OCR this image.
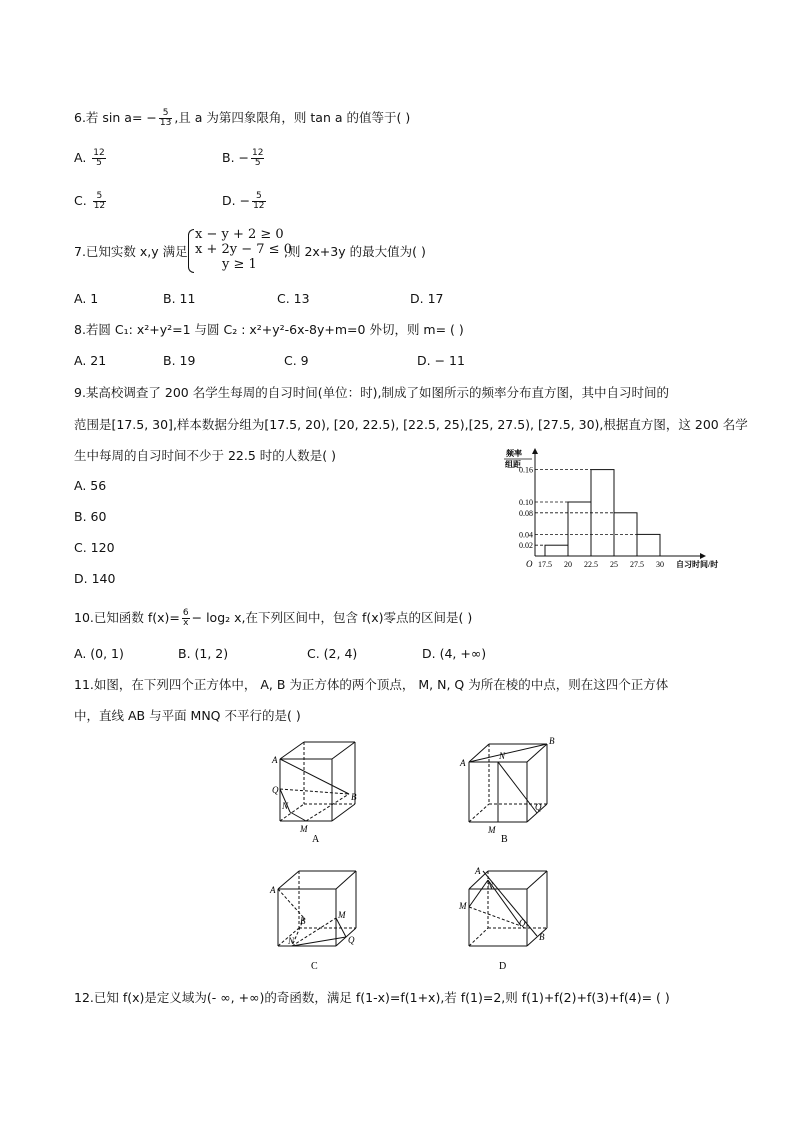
6.若 $\sin a= - \frac{5}{13}$ ,且 a 为第四象限角，则 tan a 的值等于( )
A. $\frac{12}{5}$	B. − $\frac{12}{5}$
C. $\frac{5}{12}$	D. − $\frac{5}{12}$
7.已知实数 x,y 满足
x − y + 2 ≥ 0
x + 2y − 7 ≤ 0
y ≥ 1
,则 2x+3y 的最大值为( )
A. 1	B. 11	C. 13	D. 17
8.若圆 C₁: x²+y²=1 与圆 C₂ : x²+y²-6x-8y+m=0 外切，则 m= ( )
A. 21	B. 19	C. 9	D. − 11
9.某高校调查了 200 名学生每周的自习时间(单位：时),制成了如图所示的频率分布直方图，其中自习时间的
范围是[17.5, 30],样本数据分组为[17.5, 20), [20, 22.5), [22.5, 25),[25, 27.5), [27.5, 30),根据直方图，这 200 名学
生中每周的自习时间不少于 22.5 时的人数是( )
A. 56
B. 60
C. 120
D. 140
频率
组距
O
0.02
0.04
0.08
0.10
0.16
17.5 20 22.5 25 27.5 30 自习时间/时
10.已知函数 $f(x)= \frac{6}{x} - \log_2$ x,在下列区间中，包含 f(x)零点的区间是( )
A. (0, 1)	B. (1, 2)	C. (2, 4)	D. (4, +∞)
11.如图，在下列四个正方体中， A, B 为正方体的两个顶点， M, N, Q 为所在棱的中点，则在这四个正方体
中，直线 AB 与平面 MNQ 不平行的是( )
A
B
Q
N
M
A
A
B
N
Q
M
B
A
B
M
Q
N
C
A
N
M
Q
B
D
12.已知 f(x)是定义域为(- ∞, +∞)的奇函数，满足 f(1-x)=f(1+x),若 f(1)=2,则 f(1)+f(2)+f(3)+f(4)= ( )
